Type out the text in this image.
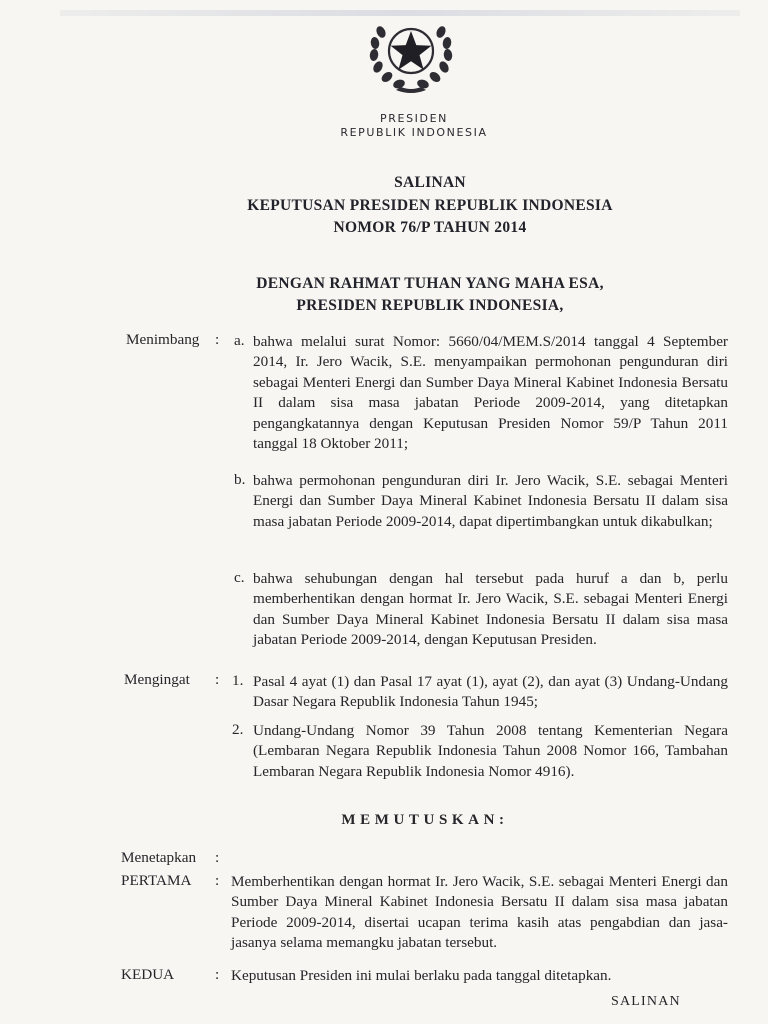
PRESIDEN
REPUBLIK INDONESIA
SALINAN
KEPUTUSAN PRESIDEN REPUBLIK INDONESIA
NOMOR 76/P TAHUN 2014
DENGAN RAHMAT TUHAN YANG MAHA ESA,
PRESIDEN REPUBLIK INDONESIA,
Menimbang : a. bahwa melalui surat Nomor: 5660/04/MEM.S/2014 tanggal 4 September 2014, Ir. Jero Wacik, S.E. menyampaikan permohonan pengunduran diri sebagai Menteri Energi dan Sumber Daya Mineral Kabinet Indonesia Bersatu II dalam sisa masa jabatan Periode 2009-2014, yang ditetapkan pengangkatannya dengan Keputusan Presiden Nomor 59/P Tahun 2011 tanggal 18 Oktober 2011;

b. bahwa permohonan pengunduran diri Ir. Jero Wacik, S.E. sebagai Menteri Energi dan Sumber Daya Mineral Kabinet Indonesia Bersatu II dalam sisa masa jabatan Periode 2009-2014, dapat dipertimbangkan untuk dikabulkan;

c. bahwa sehubungan dengan hal tersebut pada huruf a dan b, perlu memberhentikan dengan hormat Ir. Jero Wacik, S.E. sebagai Menteri Energi dan Sumber Daya Mineral Kabinet Indonesia Bersatu II dalam sisa masa jabatan Periode 2009-2014, dengan Keputusan Presiden.

Mengingat : 1. Pasal 4 ayat (1) dan Pasal 17 ayat (1), ayat (2), dan ayat (3) Undang-Undang Dasar Negara Republik Indonesia Tahun 1945;

2. Undang-Undang Nomor 39 Tahun 2008 tentang Kementerian Negara (Lembaran Negara Republik Indonesia Tahun 2008 Nomor 166, Tambahan Lembaran Negara Republik Indonesia Nomor 4916).

MEMUTUSKAN:
Menetapkan :
PERTAMA : Memberhentikan dengan hormat Ir. Jero Wacik, S.E. sebagai Menteri Energi dan Sumber Daya Mineral Kabinet Indonesia Bersatu II dalam sisa masa jabatan Periode 2009-2014, disertai ucapan terima kasih atas pengabdian dan jasa-jasanya selama memangku jabatan tersebut.

KEDUA	: Keputusan Presiden ini mulai berlaku pada tanggal ditetapkan.

SALINAN
